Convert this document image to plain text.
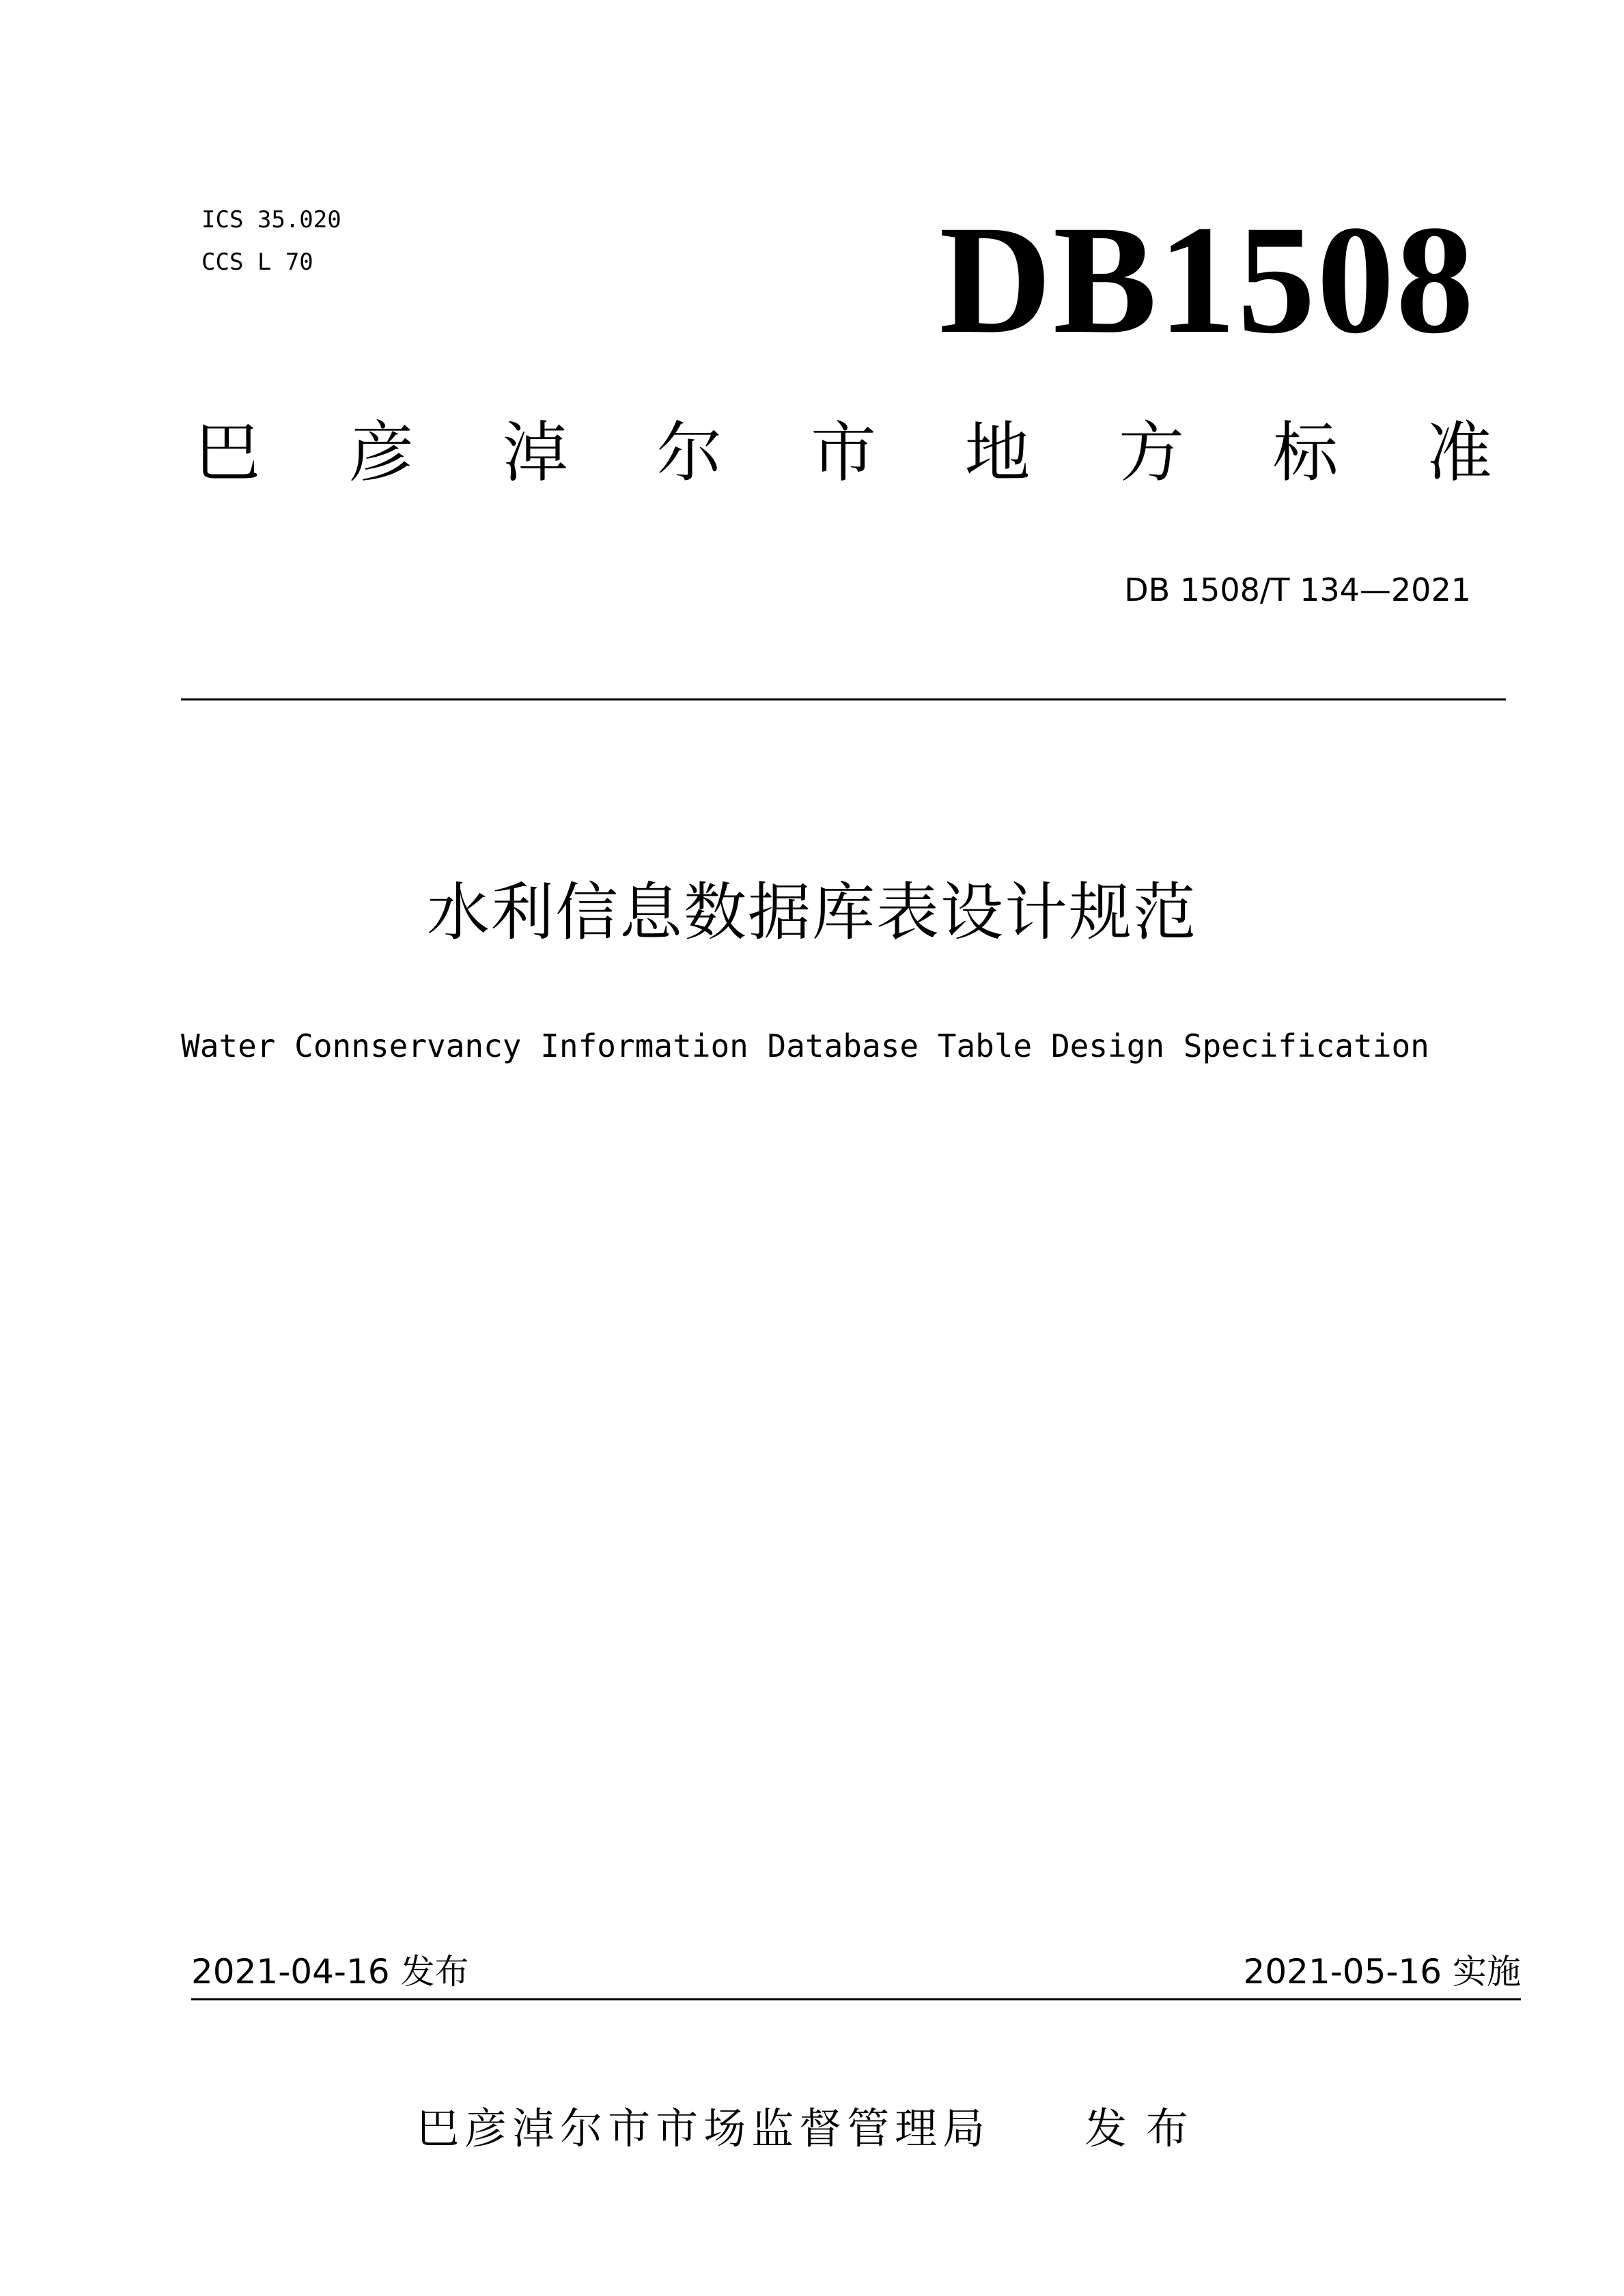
ICS 35.020
CCS L 70	DB1508
巴 彦 淖 尔 市 地 方 标 准
DB 1508/T 134—2021
水利信息数据库表设计规范
Water Connservancy Information Database Table Design Specification
2021-04-16 发布	2021-05-16 实施
巴彦淖尔市市场监督管理局 发布
